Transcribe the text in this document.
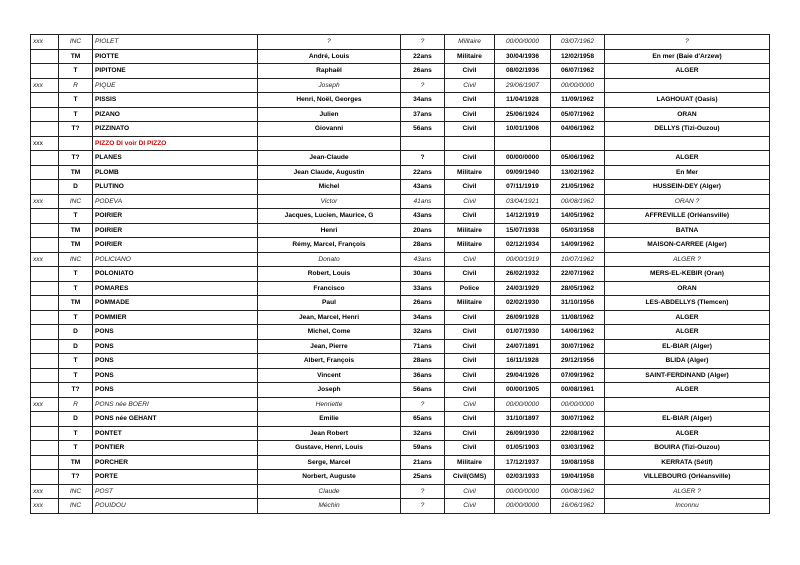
xxx	INC	PIOLET	?	?	Militaire	00/00/0000	03/07/1962	?
	TM	PIOTTE	André, Louis	22ans	Militaire	30/04/1936	12/02/1958	En mer (Baie d'Arzew)
	T	PIPITONE	Raphaël	26ans	Civil	08/02/1936	06/07/1962	ALGER
xxx	R	PIQUE	Joseph	?	Civil	29/06/1907	00/00/0000	
	T	PISSIS	Henri, Noël, Georges	34ans	Civil	11/04/1928	11/09/1962	LAGHOUAT (Oasis)
	T	PIZANO	Julien	37ans	Civil	25/06/1924	05/07/1962	ORAN
	T?	PIZZINATO	Giovanni	56ans	Civil	10/01/1906	04/06/1962	DELLYS (Tizi-Ouzou)
xxx		PIZZO DI voir DI PIZZO						
	T?	PLANES	Jean-Claude	?	Civil	00/00/0000	05/06/1962	ALGER
	TM	PLOMB	Jean Claude, Augustin	22ans	Militaire	09/09/1940	13/02/1962	En Mer
	D	PLUTINO	Michel	43ans	Civil	07/11/1919	21/05/1962	HUSSEIN-DEY (Alger)
xxx	INC	PODEVA	Victor	41ans	Civil	03/04/1921	00/08/1962	ORAN ?
	T	POIRIER	Jacques, Lucien, Maurice, G	43ans	Civil	14/12/1919	14/05/1962	AFFREVILLE (Orléansville)
	TM	POIRIER	Henri	20ans	Militaire	15/07/1938	05/03/1958	BATNA
	TM	POIRIER	Rémy, Marcel, François	28ans	Militaire	02/12/1934	14/09/1962	MAISON-CARREE (Alger)
xxx	INC	POLICIANO	Donato	43ans	Civil	00/00/1919	10/07/1962	ALGER ?
	T	POLONIATO	Robert, Louis	30ans	Civil	26/02/1932	22/07/1962	MERS-EL-KEBIR (Oran)
	T	POMARES	Francisco	33ans	Police	24/03/1929	28/05/1962	ORAN
	TM	POMMADE	Paul	26ans	Militaire	02/02/1930	31/10/1956	LES-ABDELLYS (Tlemcen)
	T	POMMIER	Jean, Marcel, Henri	34ans	Civil	26/09/1928	11/08/1962	ALGER
	D	PONS	Michel, Come	32ans	Civil	01/07/1930	14/06/1962	ALGER
	D	PONS	Jean, Pierre	71ans	Civil	24/07/1891	30/07/1962	EL-BIAR (Alger)
	T	PONS	Albert, François	28ans	Civil	16/11/1928	29/12/1956	BLIDA (Alger)
	T	PONS	Vincent	36ans	Civil	29/04/1926	07/09/1962	SAINT-FERDINAND (Alger)
	T?	PONS	Joseph	56ans	Civil	00/00/1905	00/08/1961	ALGER
xxx	R	PONS née BOERI	Henriette	?	Civil	00/00/0000	00/00/0000	
	D	PONS née GEHANT	Emilie	65ans	Civil	31/10/1897	30/07/1962	EL-BIAR (Alger)
	T	PONTET	Jean Robert	32ans	Civil	26/09/1930	22/08/1962	ALGER
	T	PONTIER	Gustave, Henri, Louis	59ans	Civil	01/05/1903	03/03/1962	BOUIRA (Tizi-Ouzou)
	TM	PORCHER	Serge, Marcel	21ans	Militaire	17/12/1937	19/08/1958	KERRATA (Sétif)
	T?	PORTE	Norbert, Auguste	25ans	Civil(GMS)	02/03/1933	19/04/1958	VILLEBOURG (Orléansville)
xxx	INC	POST	Claude	?	Civil	00/00/0000	00/08/1962	ALGER ?
xxx	INC	POUIDOU	Méchin	?	Civil	00/00/0000	16/06/1962	Inconnu
